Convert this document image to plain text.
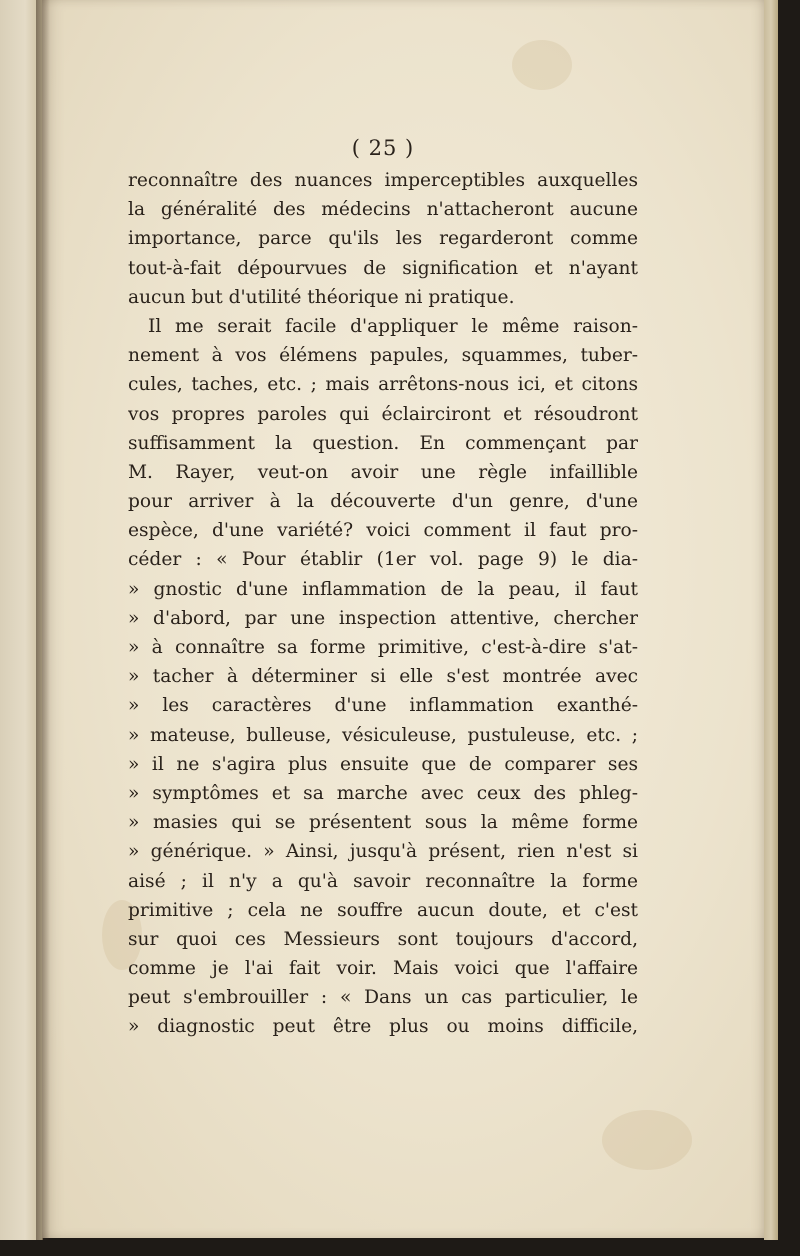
( 25 )
reconnaître des nuances imperceptibles auxquelles
la généralité des médecins n'attacheront aucune
importance, parce qu'ils les regarderont comme
tout-à-fait dépourvues de signification et n'ayant
aucun but d'utilité théorique ni pratique.
Il me serait facile d'appliquer le même raison-
nement à vos élémens papules, squammes, tuber-
cules, taches, etc. ; mais arrêtons-nous ici, et citons
vos propres paroles qui éclairciront et résoudront
suffisamment la question. En commençant par
M. Rayer, veut-on avoir une règle infaillible
pour arriver à la découverte d'un genre, d'une
espèce, d'une variété? voici comment il faut pro-
céder : « Pour établir (1er vol. page 9) le dia-
» gnostic d'une inflammation de la peau, il faut
» d'abord, par une inspection attentive, chercher
» à connaître sa forme primitive, c'est-à-dire s'at-
» tacher à déterminer si elle s'est montrée avec
» les caractères d'une inflammation exanthé-
» mateuse, bulleuse, vésiculeuse, pustuleuse, etc. ;
» il ne s'agira plus ensuite que de comparer ses
» symptômes et sa marche avec ceux des phleg-
» masies qui se présentent sous la même forme
» générique. » Ainsi, jusqu'à présent, rien n'est si
aisé ; il n'y a qu'à savoir reconnaître la forme
primitive ; cela ne souffre aucun doute, et c'est
sur quoi ces Messieurs sont toujours d'accord,
comme je l'ai fait voir. Mais voici que l'affaire
peut s'embrouiller : « Dans un cas particulier, le
» diagnostic peut être plus ou moins difficile,
